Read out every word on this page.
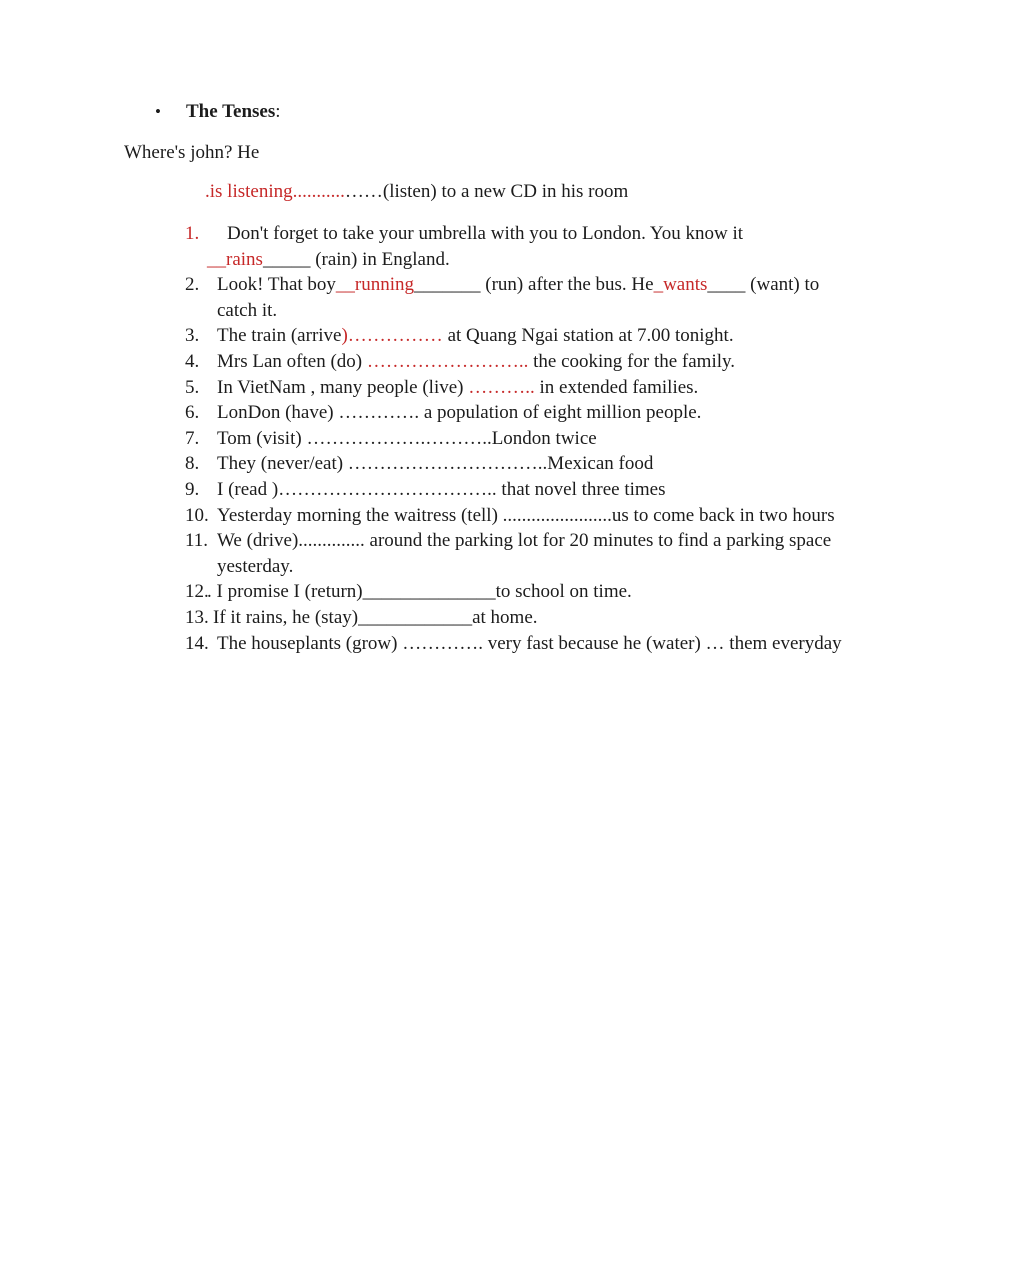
• The Tenses:
Where's john? He
.is listening...........……(listen) to a new CD in his room
1. Don't forget to take your umbrella with you to London. You know it
__rains_____ (rain) in England.
2. Look! That boy__running_______ (run) after the bus. He_wants____ (want) to
catch it.
3. The train (arrive)…………… at Quang Ngai station at 7.00 tonight.
4. Mrs Lan often (do) …………………….. the cooking for the family.
5. In VietNam , many people (live) ……….. in extended families.
6. LonDon (have) …………. a population of eight million people.
7. Tom (visit) ……………….………..London twice
8. They (never/eat) …………………………..Mexican food
9. I (read )…………………………….. that novel three times
10. Yesterday morning the waitress (tell) .......................us to come back in two hours
11. We (drive).............. around the parking lot for 20 minutes to find a parking space
yesterday.
12.
. I promise I (return)______________to school on time.
13. If it rains, he (stay)____________at home.
14. The houseplants (grow) …………. very fast because he (water) … them everyday
